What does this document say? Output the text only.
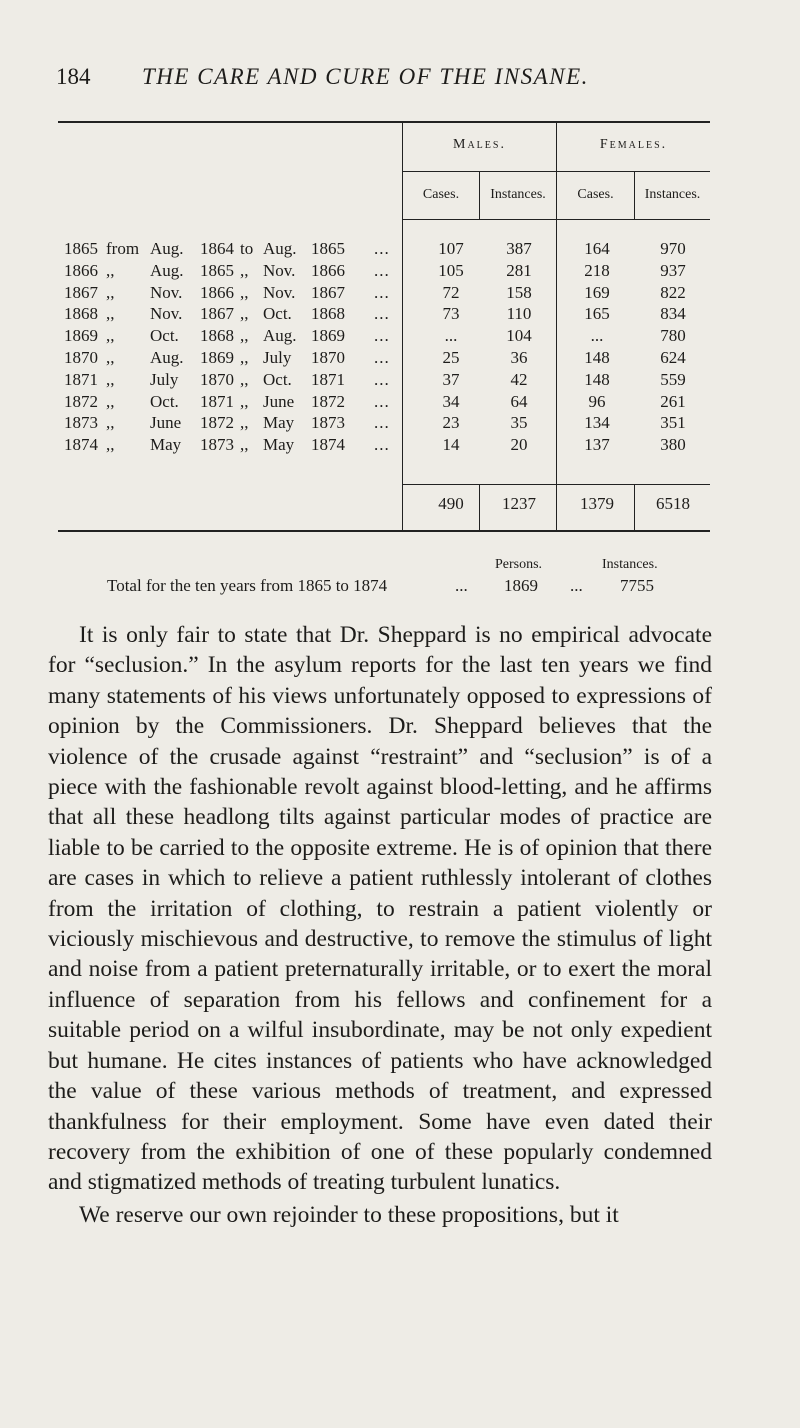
184 THE CARE AND CURE OF THE INSANE.
Males.	Females.
Cases.	Instances.	Cases.	Instances.
1865 from Aug. 1864 to Aug. 1865 ...	107	387	164	970
1866 ,, Aug. 1865 ,, Nov. 1866 ...	105	281	218	937
1867 ,, Nov. 1866 ,, Nov. 1867 ...	72	158	169	822
1868 ,, Nov. 1867 ,, Oct. 1868 ...	73	110	165	834
1869 ,, Oct. 1868 ,, Aug. 1869 ...	...	104	...	780
1870 ,, Aug. 1869 ,, July 1870 ...	25	36	148	624
1871 ,, July 1870 ,, Oct. 1871 ...	37	42	148	559
1872 ,, Oct. 1871 ,, June 1872 ...	34	64	96	261
1873 ,, June 1872 ,, May 1873 ...	23	35	134	351
1874 ,, May 1873 ,, May 1874 ...	14	20	137	380
490	1237	1379	6518
Persons.	Instances.
Total for the ten years from 1865 to 1874	... 1869 ... 7755

It is only fair to state that Dr. Sheppard is no empirical advocate for “seclusion.” In the asylum reports for the last ten years we find many statements of his views unfortunately opposed to expressions of opinion by the Commissioners. Dr. Sheppard believes that the violence of the crusade against “restraint” and “seclusion” is of a piece with the fashionable revolt against blood-letting, and he affirms that all these headlong tilts against particular modes of practice are liable to be carried to the opposite extreme. He is of opinion that there are cases in which to relieve a patient ruthlessly intolerant of clothes from the irritation of clothing, to restrain a patient violently or viciously mischievous and destructive, to remove the stimulus of light and noise from a patient preternaturally irritable, or to exert the moral influence of separation from his fellows and confinement for a suitable period on a wilful insubordinate, may be not only expedient but humane. He cites instances of patients who have acknowledged the value of these various methods of treatment, and expressed thankfulness for their employment. Some have even dated their recovery from the exhibition of one of these popularly condemned and stigmatized methods of treating turbulent lunatics.

We reserve our own rejoinder to these propositions, but it
